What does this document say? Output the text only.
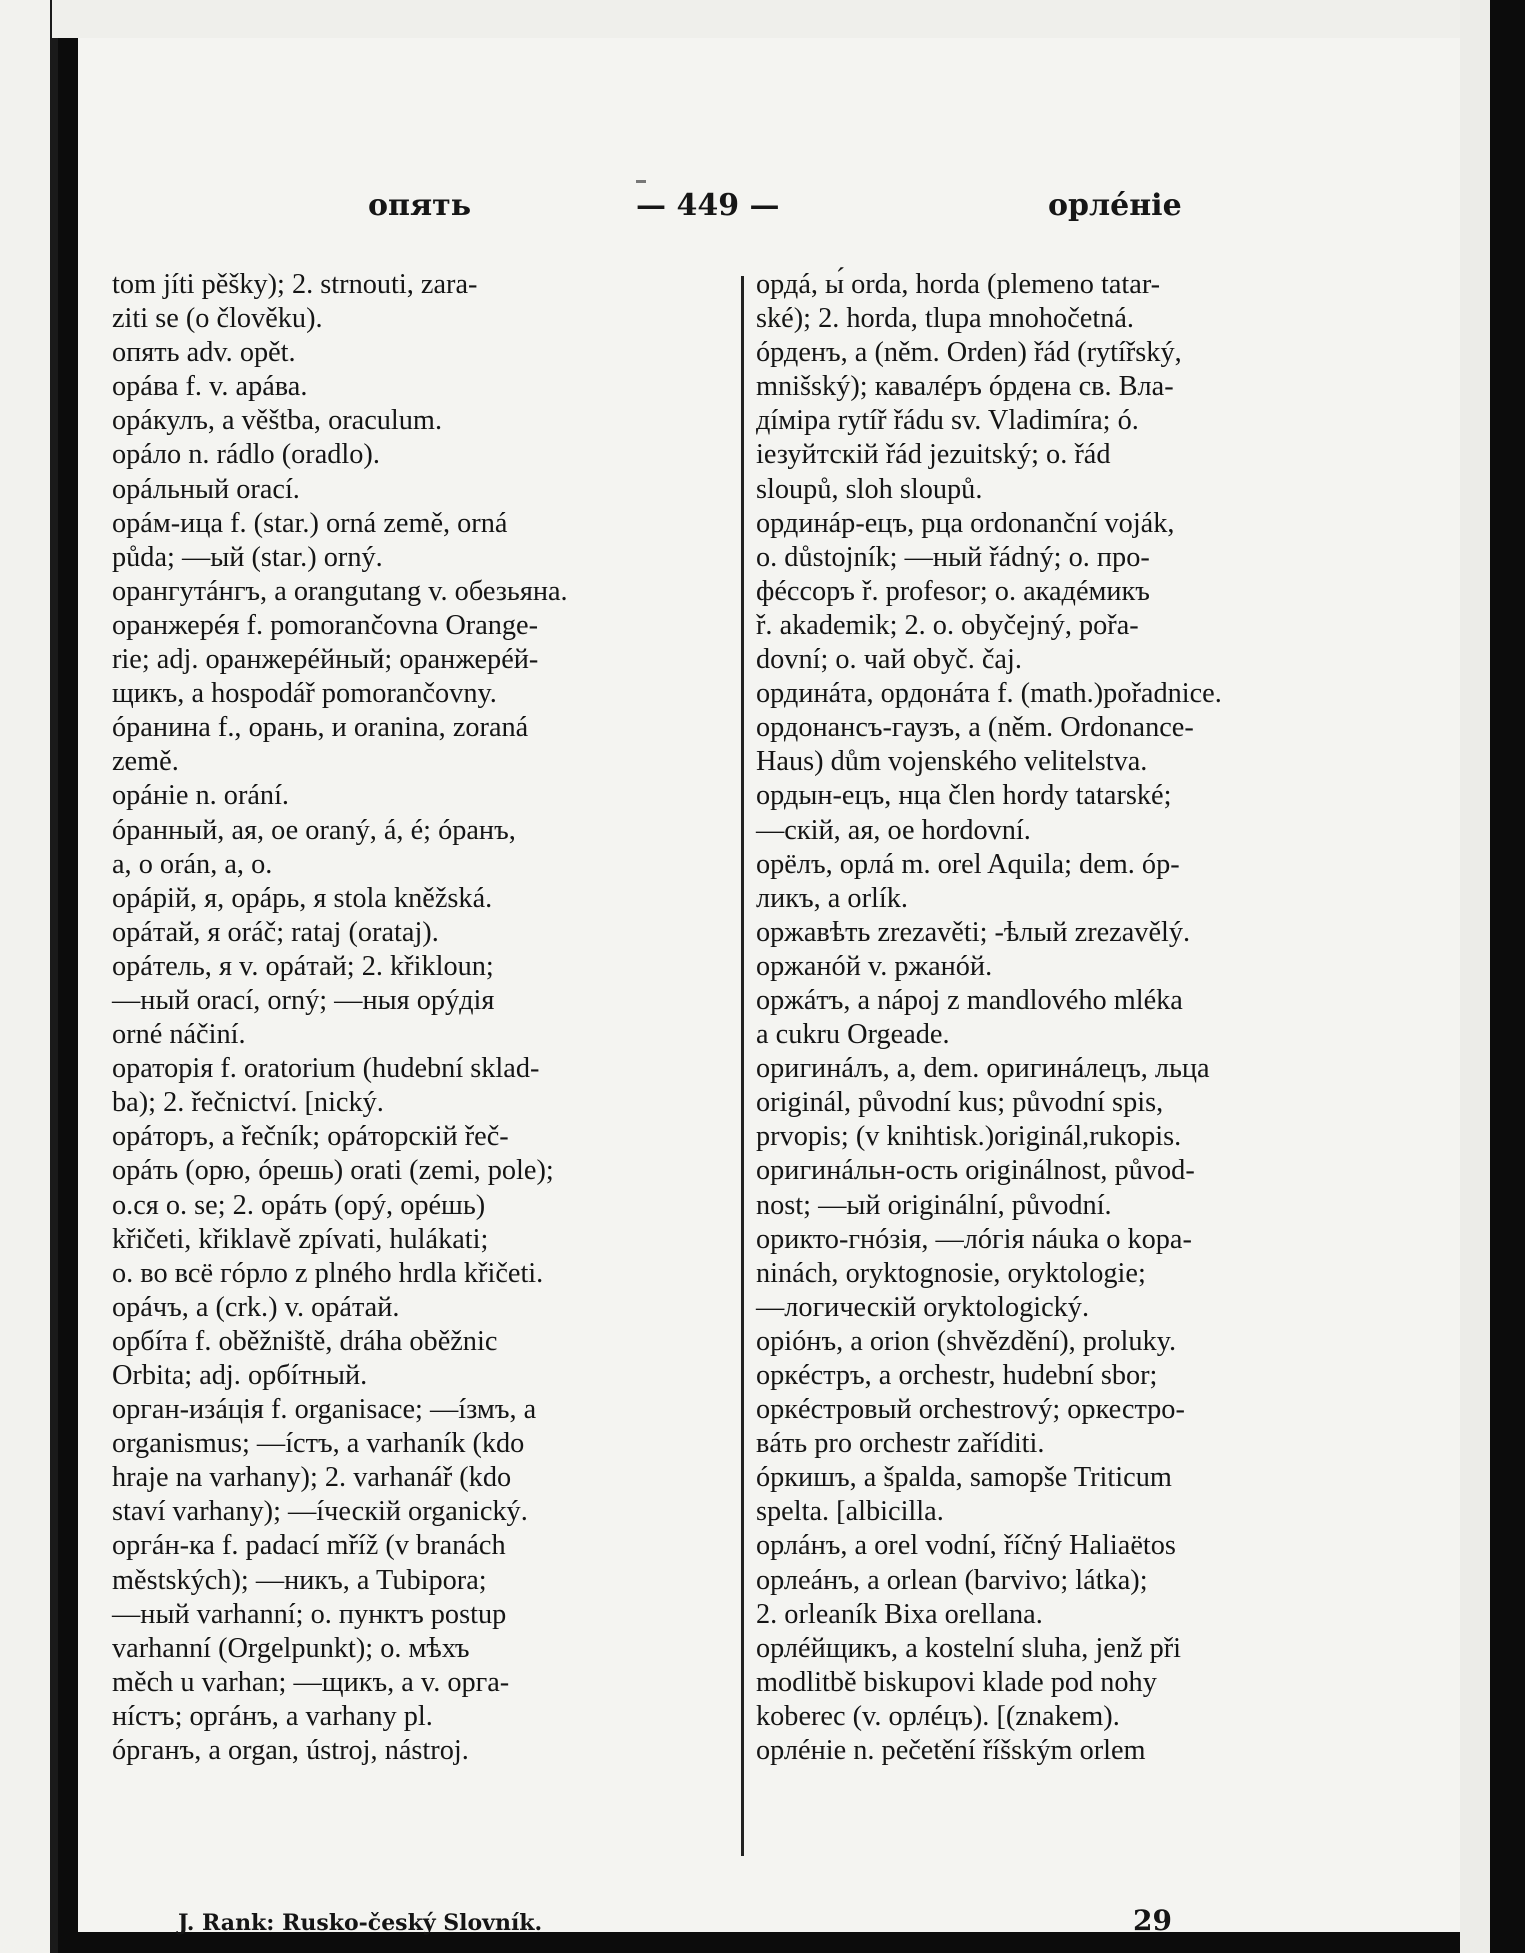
опять	— 449 —	орлéніе
tom jíti pěšky); 2. strnouti, zara-
ziti se (o člověku).
опять adv. opět.
орáва f. v. арáва.
орáкулъ, a věštba, oraculum.
орáло n. rádlo (oradlo).
орáльный orací.
орáм-ица f. (star.) orná země, orná
půda; —ый (star.) orný.
орангутáнгъ, a orangutang v. обезьяна.
оранжерéя f. pomorančovna Orange-
rie; adj. оранжерéйный; оранжерéй-
щикъ, a hospodář pomorančovny.
óранина f., орань, и oranina, zoraná
země.
орáніе n. orání.
óранный, ая, ое oraný, á, é; óранъ,
а, о orán, a, o.
орáрій, я, орáрь, я stola kněžská.
орáтай, я oráč; rataj (orataj).
орáтель, я v. орáтай; 2. křikloun;
—ный orací, orný; —ныя орýдія
orné náčiní.
ораторія f. oratorium (hudební sklad-
ba); 2. řečnictví. [nický.
орáторъ, a řečník; орáторскій řeč-
орáть (орю, óрешь) orati (zemi, pole);
о.ся o. se; 2. орáть (орý, орéшь)
křičeti, křiklavě zpívati, hulákati;
о. во всё гóрло z plného hrdla křičeti.
орáчъ, a (crk.) v. орáтай.
орбíта f. oběžniště, dráha oběžnic
Orbita; adj. орбíтный.
орган-изáція f. organisace; —íзмъ, a
organismus; —íстъ, a varhaník (kdo
hraje na varhany); 2. varhanář (kdo
staví varhany); —íческій organický.
оргáн-ка f. padací mříž (v branách
městských); —никъ, a Tubipora;
—ный varhanní; о. пунктъ postup
varhanní (Orgelpunkt); o. мѣхъ
měch u varhan; —щикъ, a v. орга-
нíстъ; оргáнъ, a varhany pl.
óрганъ, a organ, ústroj, nástroj.
ордá, ы́ orda, horda (plemeno tatar-
ské); 2. horda, tlupa mnohočetná.
óрденъ, a (něm. Orden) řád (rytířský,
mnišský); кавалéръ óрдена св. Вла-
дíміра rytíř řádu sv. Vladimíra; ó.
іезуйтскій řád jezuitský; o. řád
sloupů, sloh sloupů.
ординáр-ецъ, рца ordonanční voják,
o. důstojník; —ный řádný; o. про-
фéссоръ ř. profesor; o. акадéмикъ
ř. akademik; 2. o. obyčejný, pořa-
dovní; o. чай obyč. čaj.
ординáта, ордонáта f. (math.)pořadnice.
ордонансъ-гаузъ, a (něm. Ordonance-
Haus) dům vojenského velitelstva.
ордын-ецъ, нца člen hordy tatarské;
—скій, ая, ое hordovní.
орёлъ, орлá m. orel Aquila; dem. óр-
ликъ, a orlík.
оржавѣть zrezavěti; -ѣлый zrezavělý.
оржанóй v. ржанóй.
оржáтъ, a nápoj z mandlového mléka
a cukru Orgeade.
оригинáлъ, a, dem. оригинáлецъ, льца
originál, původní kus; původní spis,
prvopis; (v knihtisk.)originál,rukopis.
оригинáльн-ость originálnost, původ-
nost; —ый originální, původní.
орикто-гнóзія, —лóгія náuka o kopa-
ninách, oryktognosie, oryktologie;
—логическій oryktologický.
оріóнъ, a orion (shvězdění), proluky.
оркéстръ, a orchestr, hudební sbor;
оркéстровый orchestrový; оркестро-
вáть pro orchestr zaříditi.
óркишъ, a špalda, samopše Triticum
spelta. [albicilla.
орлáнъ, a orel vodní, říčný Haliaëtos
орлеáнъ, a orlean (barvivo; látka);
2. orleaník Bixa orellana.
орлéйщикъ, a kostelní sluha, jenž při
modlitbě biskupovi klade pod nohy
koberec (v. орлéцъ). [(znakem).
орлéніе n. pečetění říšským orlem
J. Rank: Rusko-český Slovník.	29
